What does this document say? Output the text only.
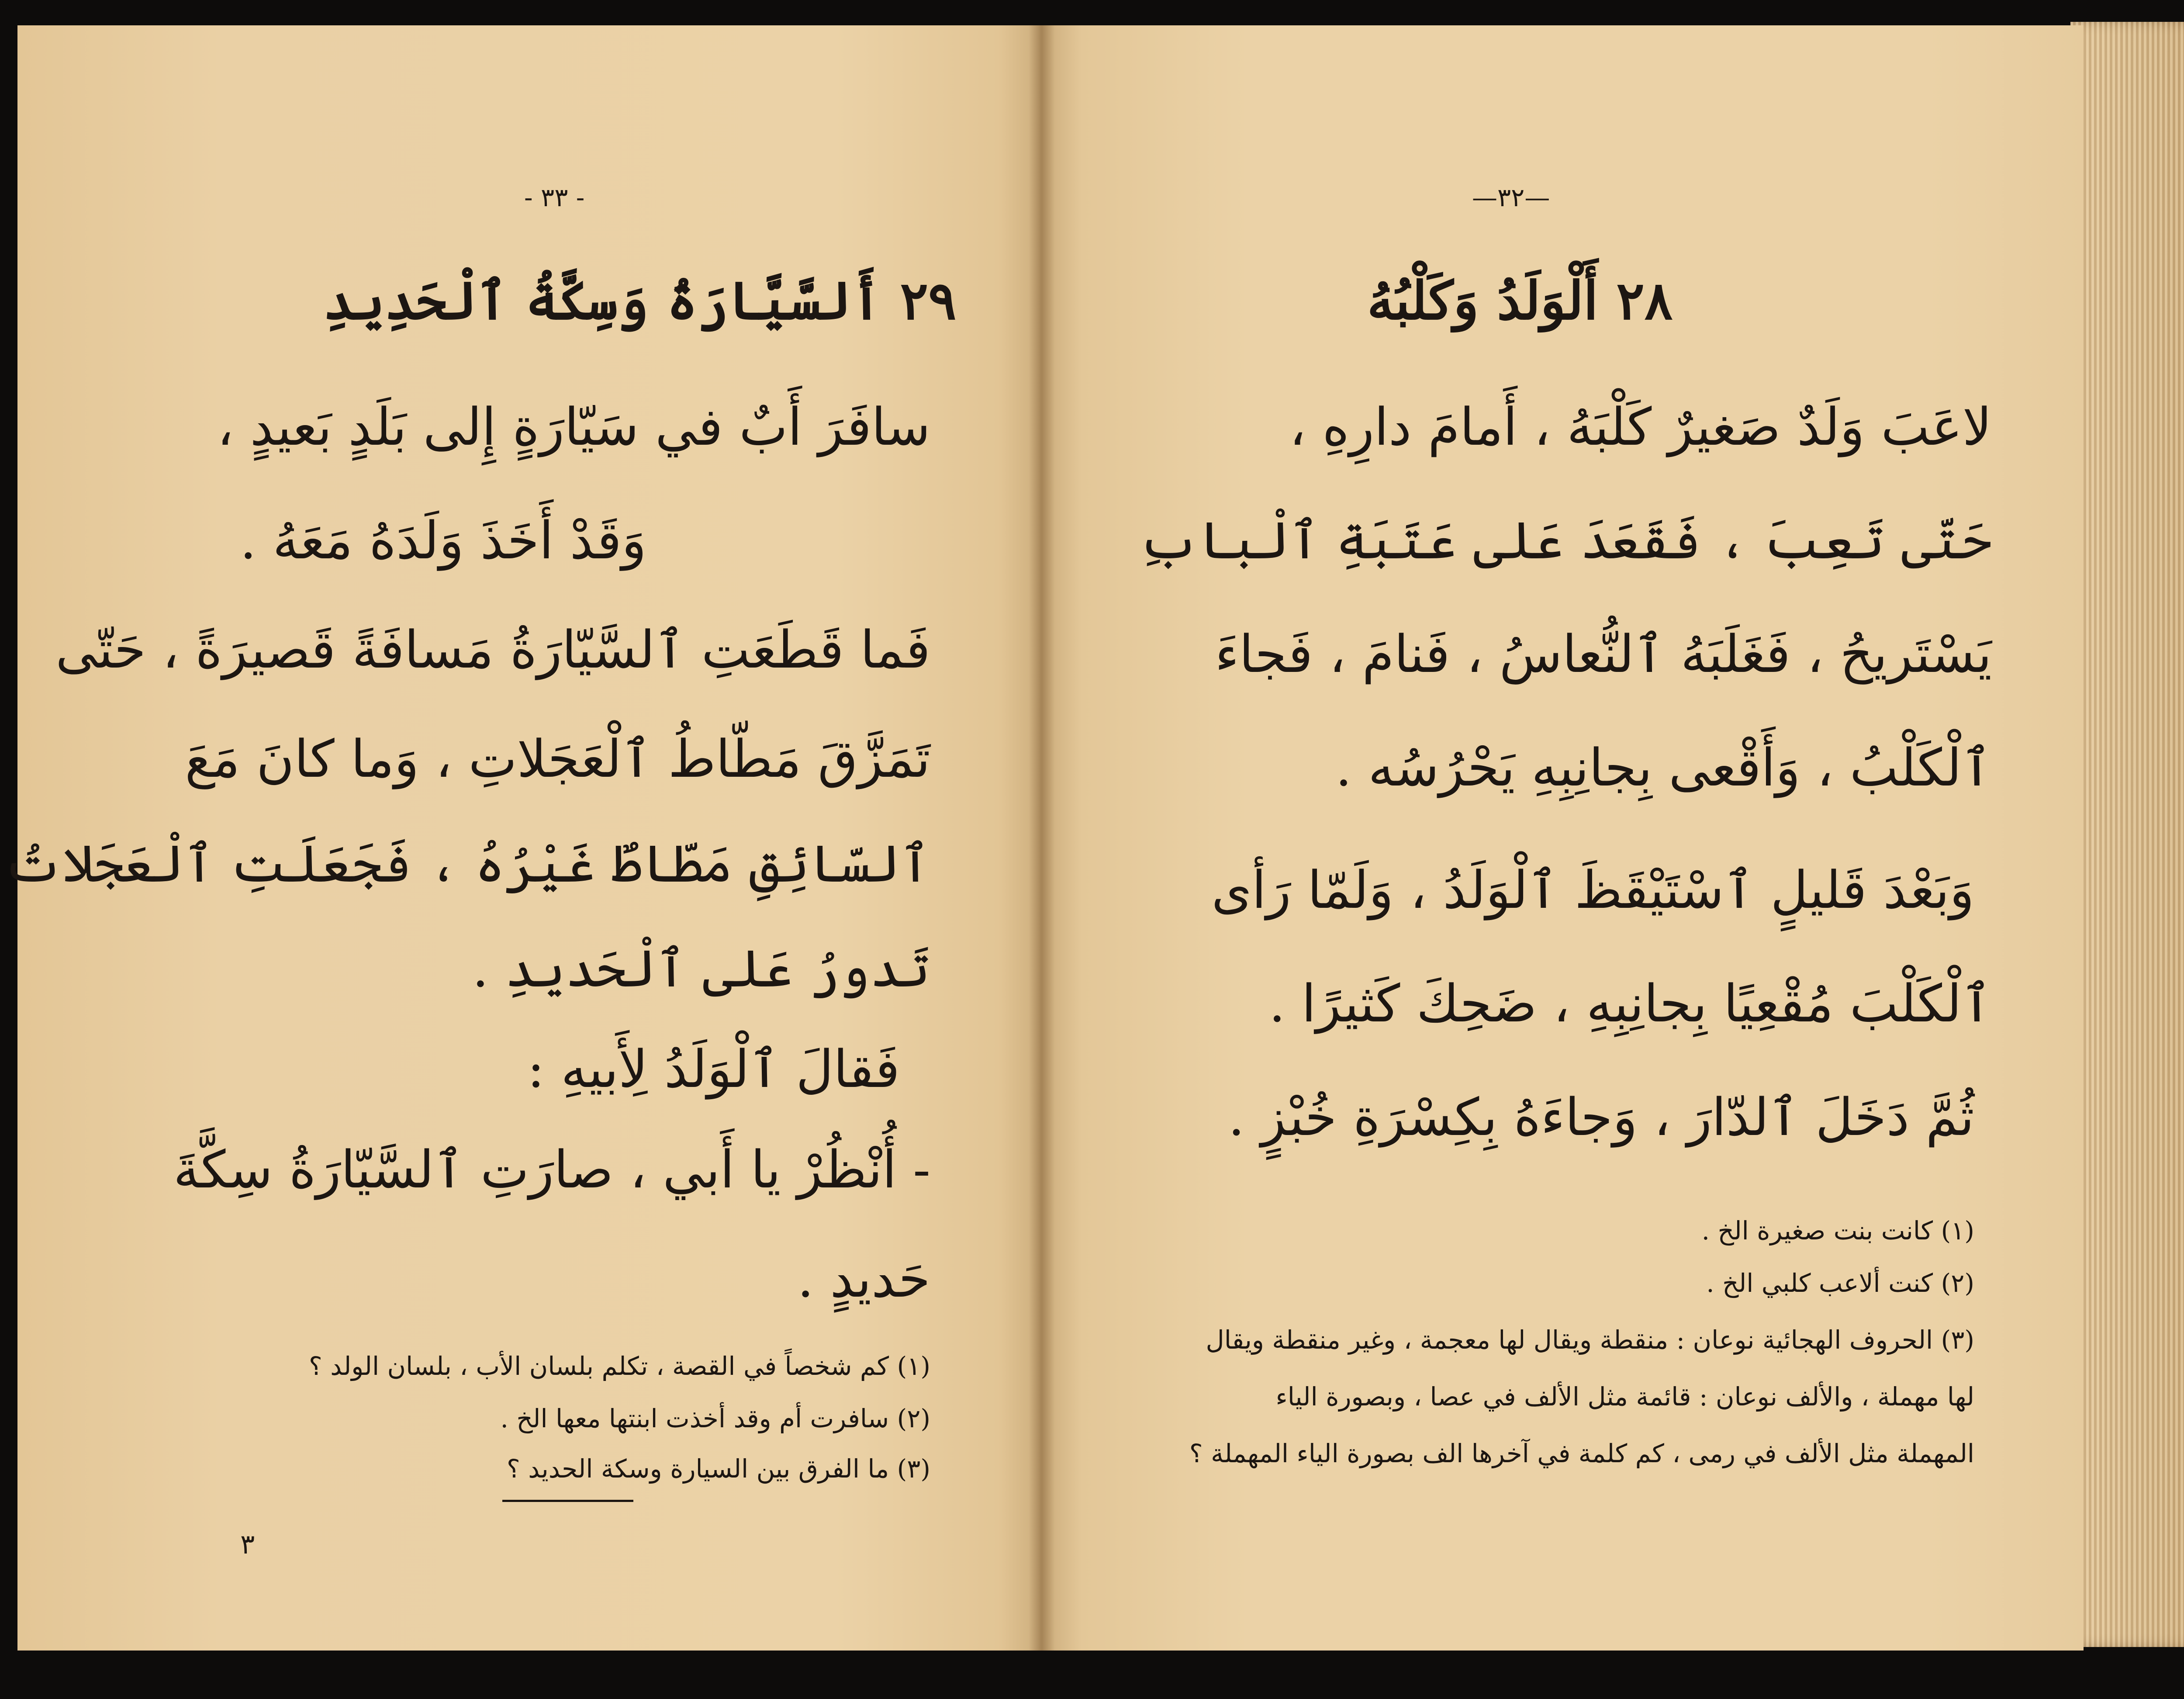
- ٣٣ -
٢٩ أَلسَّيَّارَةُ وَسِكَّةُ ٱلْحَدِيدِ
سافَرَ أَبٌ في سَيّارَةٍ إِلى بَلَدٍ بَعيدٍ ،
وَقَدْ أَخَذَ وَلَدَهُ مَعَهُ .
فَما قَطَعَتِ ٱلسَّيّارَةُ مَسافَةً قَصيرَةً ، حَتّى
تَمَزَّقَ مَطّاطُ ٱلْعَجَلاتِ ، وَما كانَ مَعَ
ٱلسّائِقِ مَطّاطٌ غَيْرُهُ ، فَجَعَلَتِ ٱلْعَجَلاتُ
تَدورُ عَلى ٱلْحَديدِ .
فَقالَ ٱلْوَلَدُ لِأَبيهِ :
- أُنْظُرْ يا أَبي ، صارَتِ ٱلسَّيّارَةُ سِكَّةَ
حَديدٍ .
(١) كم شخصاً في القصة ، تكلم بلسان الأب ، بلسان الولد ؟
(٢) سافرت أم وقد أخذت ابنتها معها الخ .
(٣) ما الفرق بين السيارة وسكة الحديد ؟
٣
—٣٢—
٢٨ أَلْوَلَدُ وَكَلْبُهُ
لاعَبَ وَلَدٌ صَغيرٌ كَلْبَهُ ، أَمامَ دارِهِ ،
حَتّى تَعِبَ ، فَقَعَدَ عَلى عَتَبَةِ ٱلْبابِ
يَسْتَريحُ ، فَغَلَبَهُ ٱلنُّعاسُ ، فَنامَ ، فَجاءَ
ٱلْكَلْبُ ، وَأَقْعى بِجانِبِهِ يَحْرُسُه .
وَبَعْدَ قَليلٍ ٱسْتَيْقَظَ ٱلْوَلَدُ ، وَلَمّا رَأى
ٱلْكَلْبَ مُقْعِيًا بِجانِبِهِ ، ضَحِكَ كَثيرًا .
ثُمَّ دَخَلَ ٱلدّارَ ، وَجاءَهُ بِكِسْرَةِ خُبْزٍ .
(١) كانت بنت صغيرة الخ .
(٢) كنت ألاعب كلبي الخ .
(٣) الحروف الهجائية نوعان : منقطة ويقال لها معجمة ، وغير منقطة ويقال
لها مهملة ، والألف نوعان : قائمة مثل الألف في عصا ، وبصورة الياء
المهملة مثل الألف في رمى ، كم كلمة في آخرها الف بصورة الياء المهملة ؟
